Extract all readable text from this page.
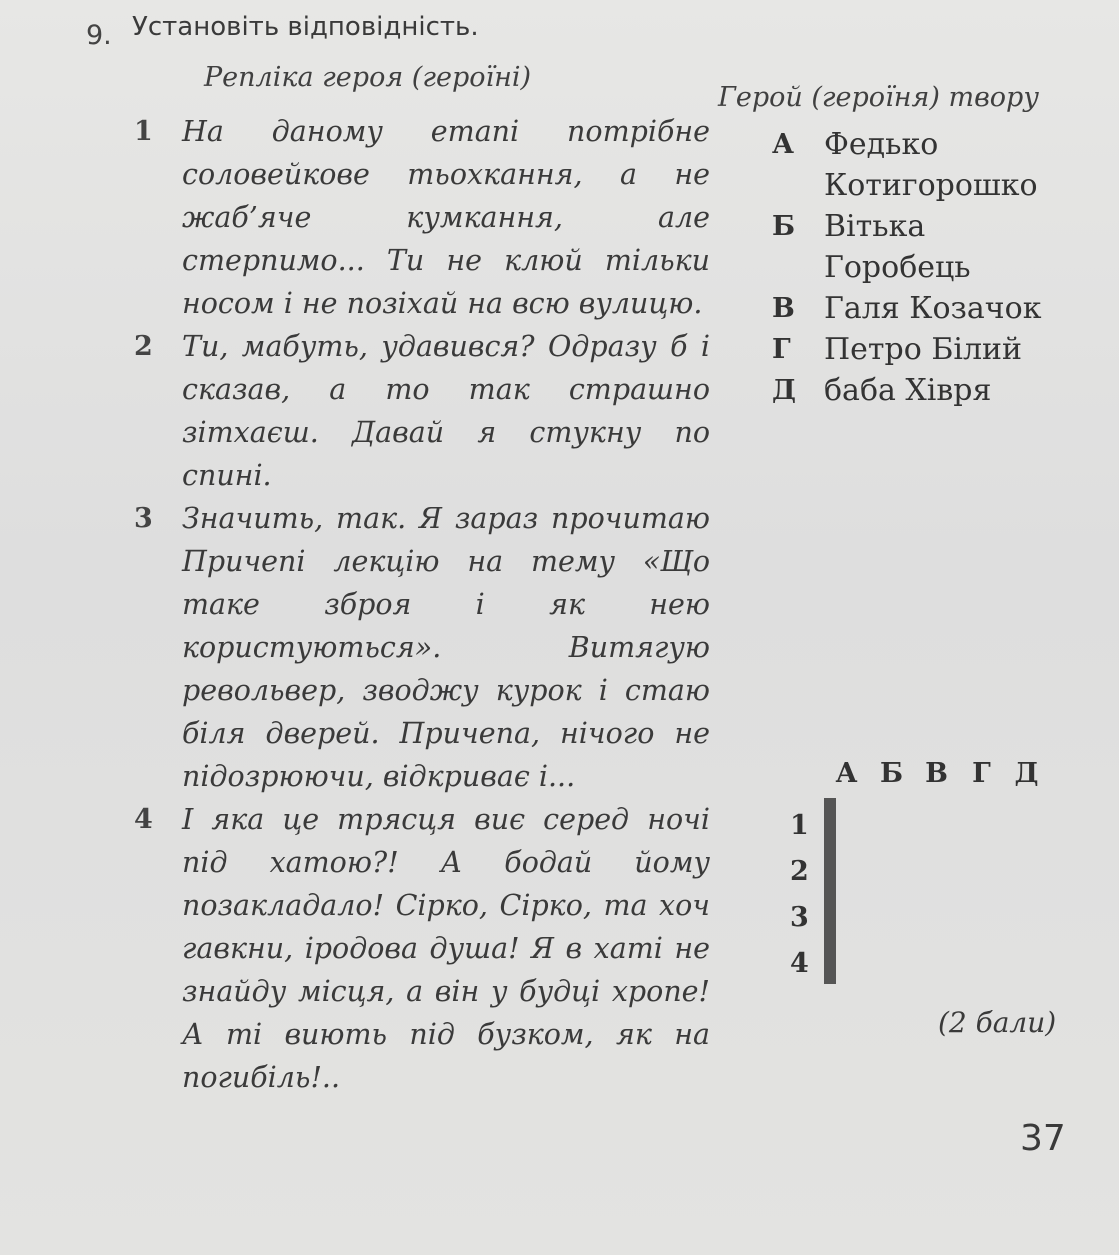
9. Установіть відповідність.
Репліка героя (героїні)
Герой (героїня) твору
1 На даному етапі потрібне соловейкове тьохкання, а не жаб’яче кумкання, але стерпимо... Ти не клюй тільки носом і не позіхай на всю вулицю.
2 Ти, мабуть, удавився? Одразу б і сказав, а то так страшно зітхаєш. Давай я стукну по спині.
3 Значить, так. Я зараз прочитаю Причепі лекцію на тему «Що таке зброя і як нею користуються». Витягую револьвер, зводжу курок і стаю біля дверей. Причепа, нічого не підозрюючи, відкриває і...
4 І яка це трясця виє серед ночі під хатою?! А бодай йому позакладало! Сірко, Сірко, та хоч гавкни, іродова душа! Я в хаті не знайду місця, а він у будці хропе! А ті виють під бузком, як на погибіль!..
А Федько Котигорошко
Б Вітька Горобець
В Галя Козачок
Г Петро Білий
Д баба Хівря
А Б В Г Д
1
2
3
4

(2 бали)
37
